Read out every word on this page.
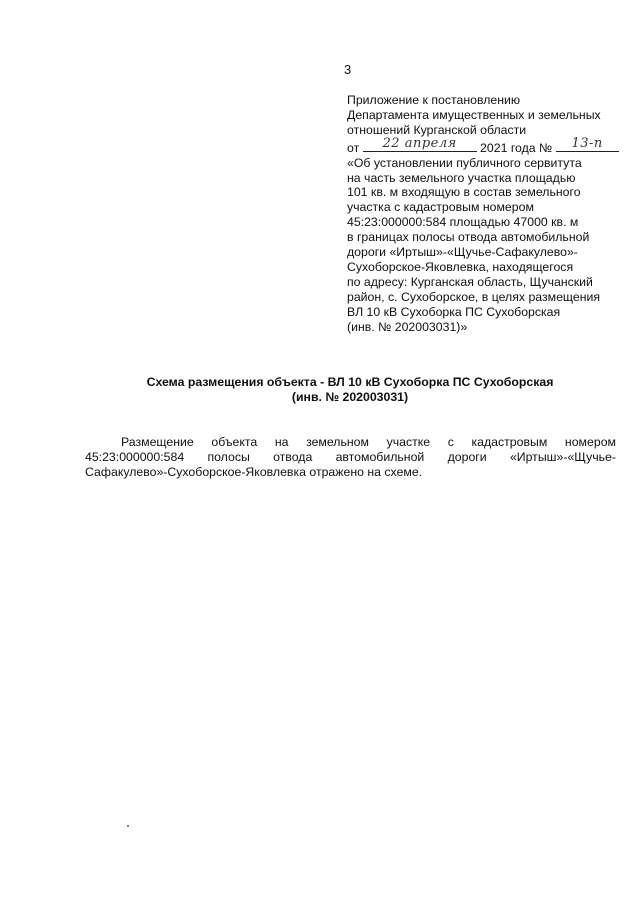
3
Приложение к постановлению
Департамента имущественных и земельных
отношений Курганской области
от	22 апреля	2021 года №	13-п
«Об установлении публичного сервитута
на часть земельного участка площадью
101 кв. м входящую в состав земельного
участка с кадастровым номером
45:23:000000:584 площадью 47000 кв. м
в границах полосы отвода автомобильной
дороги «Иртыш»-«Щучье-Сафакулево»-
Сухоборское-Яковлевка, находящегося
по адресу: Курганская область, Щучанский
район, с. Сухоборское, в целях размещения
ВЛ 10 кВ Сухоборка ПС Сухоборская
(инв. № 202003031)»
Схема размещения объекта - ВЛ 10 кВ Сухоборка ПС Сухоборская
(инв. № 202003031)
Размещение объекта на земельном участке с кадастровым номером
45:23:000000:584 полосы отвода автомобильной дороги «Иртыш»-«Щучье-
Сафакулево»-Сухоборское-Яковлевка отражено на схеме.
